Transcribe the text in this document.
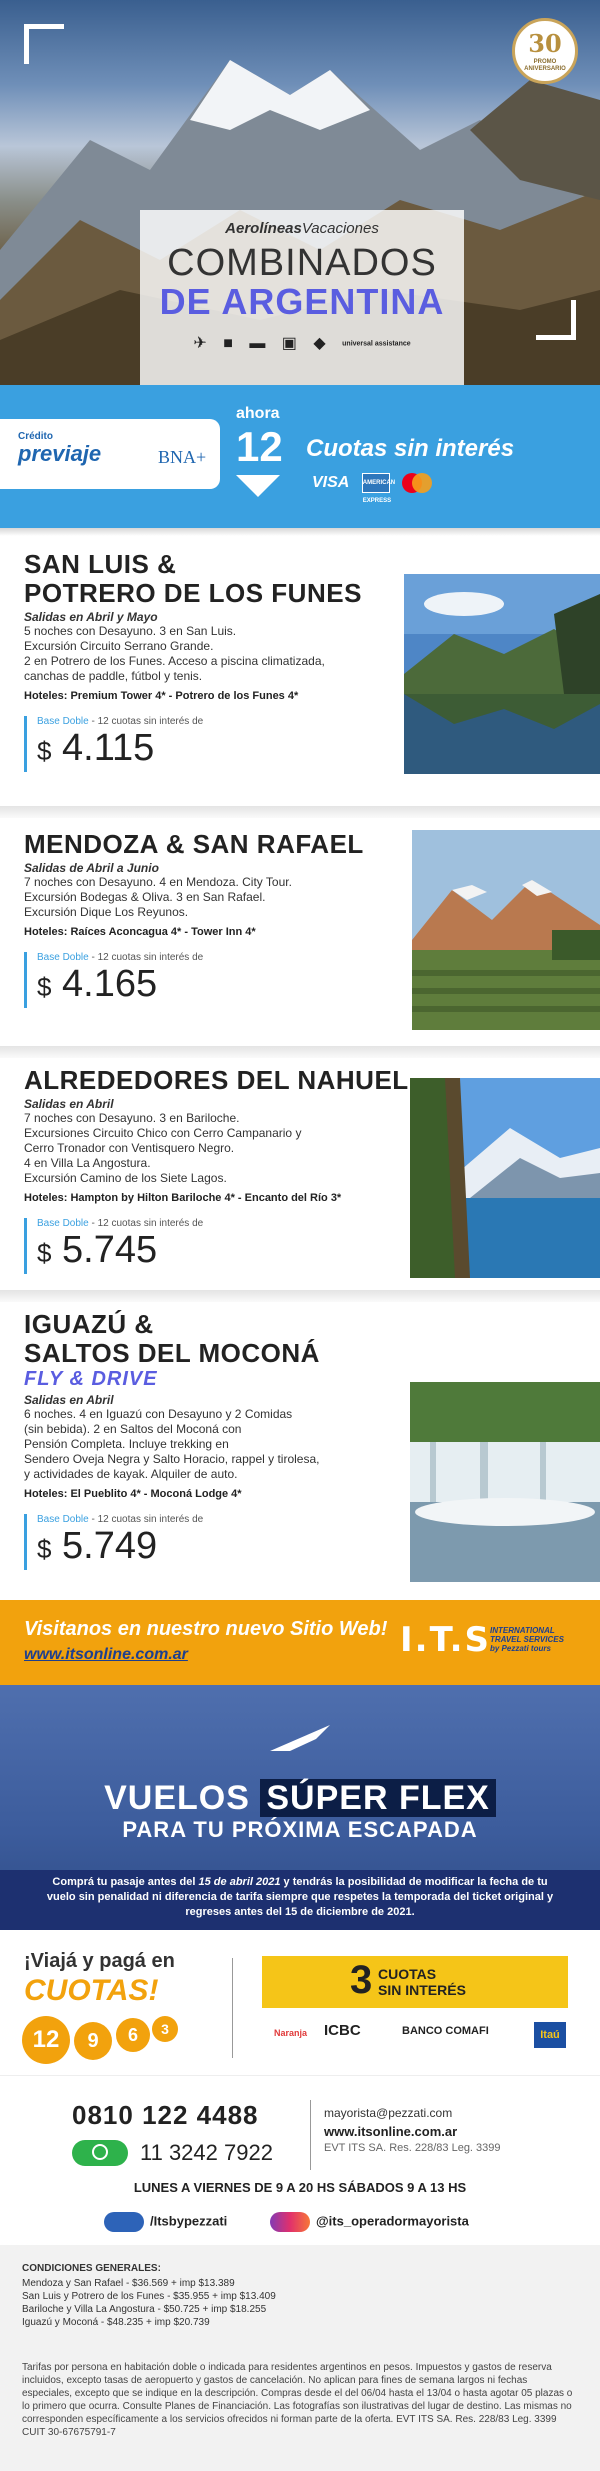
30
PROMO
ANIVERSARIO
AerolíneasVacaciones
COMBINADOS
DE ARGENTINA
✈ ■ ▬ ▣ ◆ universal assistance
Crédito
previaje	BNA+
ahora
12 Cuotas sin interés
VISA AMERICAN EXPRESS
SAN LUIS &
POTRERO DE LOS FUNES
Salidas en Abril y Mayo
5 noches con Desayuno. 3 en San Luis.
Excursión Circuito Serrano Grande.
2 en Potrero de los Funes. Acceso a piscina climatizada,
canchas de paddle, fútbol y tenis.
Hoteles: Premium Tower 4* - Potrero de los Funes 4*
Base Doble - 12 cuotas sin interés de
$ 4.115
MENDOZA & SAN RAFAEL
Salidas de Abril a Junio
7 noches con Desayuno. 4 en Mendoza. City Tour.
Excursión Bodegas & Oliva. 3 en San Rafael.
Excursión Dique Los Reyunos.
Hoteles: Raíces Aconcagua 4* - Tower Inn 4*
Base Doble - 12 cuotas sin interés de
$ 4.165
ALREDEDORES DEL NAHUEL
Salidas en Abril
7 noches con Desayuno. 3 en Bariloche.
Excursiones Circuito Chico con Cerro Campanario y
Cerro Tronador con Ventisquero Negro.
4 en Villa La Angostura.
Excursión Camino de los Siete Lagos.
Hoteles: Hampton by Hilton Bariloche 4* - Encanto del Río 3*
Base Doble - 12 cuotas sin interés de
$ 5.745
IGUAZÚ &
SALTOS DEL MOCONÁ
FLY & DRIVE
Salidas en Abril
6 noches. 4 en Iguazú con Desayuno y 2 Comidas
(sin bebida). 2 en Saltos del Moconá con
Pensión Completa. Incluye trekking en
Sendero Oveja Negra y Salto Horacio, rappel y tirolesa,
y actividades de kayak. Alquiler de auto.
Hoteles: El Pueblito 4* - Moconá Lodge 4*
Base Doble - 12 cuotas sin interés de
$ 5.749
Visitanos en nuestro nuevo Sitio Web!
www.itsonline.com.ar	I.T.S INTERNATIONAL TRAVEL SERVICES
by Pezzati tours
VUELOS SÚPER FLEX
PARA TU PRÓXIMA ESCAPADA
Comprá tu pasaje antes del 15 de abril 2021 y tendrás la posibilidad de modificar la fecha de tu vuelo sin penalidad ni diferencia de tarifa siempre que respetes la temporada del ticket original y regreses antes del 15 de diciembre de 2021.
¡Viajá y pagá en
CUOTAS!
12	9	6	3
3 CUOTAS
SIN INTERÉS
Naranja ICBC	BANCO COMAFI	Itaú
0810 122 4488
11 3242 7922
mayorista@pezzati.com
www.itsonline.com.ar
EVT ITS SA. Res. 228/83 Leg. 3399
LUNES A VIERNES DE 9 A 20 HS SÁBADOS 9 A 13 HS
/Itsbypezzati	@its_operadormayorista
CONDICIONES GENERALES:
Mendoza y San Rafael - $36.569 + imp $13.389
San Luis y Potrero de los Funes - $35.955 + imp $13.409
Bariloche y Villa La Angostura - $50.725 + imp $18.255
Iguazú y Moconá - $48.235 + imp $20.739
Tarifas por persona en habitación doble o indicada para residentes argentinos en pesos. Impuestos y gastos de reserva incluidos, excepto tasas de aeropuerto y gastos de cancelación. No aplican para fines de semana largos ni fechas especiales, excepto que se indique en la descripción. Compras desde el del 06/04 hasta el 13/04 o hasta agotar 05 plazas o lo primero que ocurra. Consulte Planes de Financiación. Las fotografías son ilustrativas del lugar de destino. Las mismas no corresponden específicamente a los servicios ofrecidos ni forman parte de la oferta. EVT ITS SA. Res. 228/83 Leg. 3399 CUIT 30-67675791-7
